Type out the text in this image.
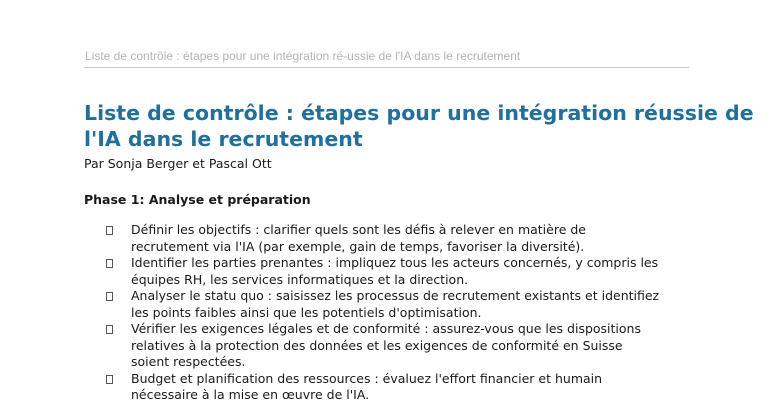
Liste de contrôle : étapes pour une intégration ré-ussie de l'IA dans le recrutement
Liste de contrôle : étapes pour une intégration réussie de l'IA dans le recrutement
Par Sonja Berger et Pascal Ott
Phase 1: Analyse et préparation
Définir les objectifs : clarifier quels sont les défis à relever en matière de recrutement via l'IA (par exemple, gain de temps, favoriser la diversité).
Identifier les parties prenantes : impliquez tous les acteurs concernés, y compris les équipes RH, les services informatiques et la direction.
Analyser le statu quo : saisissez les processus de recrutement existants et identifiez les points faibles ainsi que les potentiels d'optimisation.
Vérifier les exigences légales et de conformité : assurez-vous que les dispositions relatives à la protection des données et les exigences de conformité en Suisse soient respectées.
Budget et planification des ressources : évaluez l'effort financier et humain nécessaire à la mise en œuvre de l'IA.
